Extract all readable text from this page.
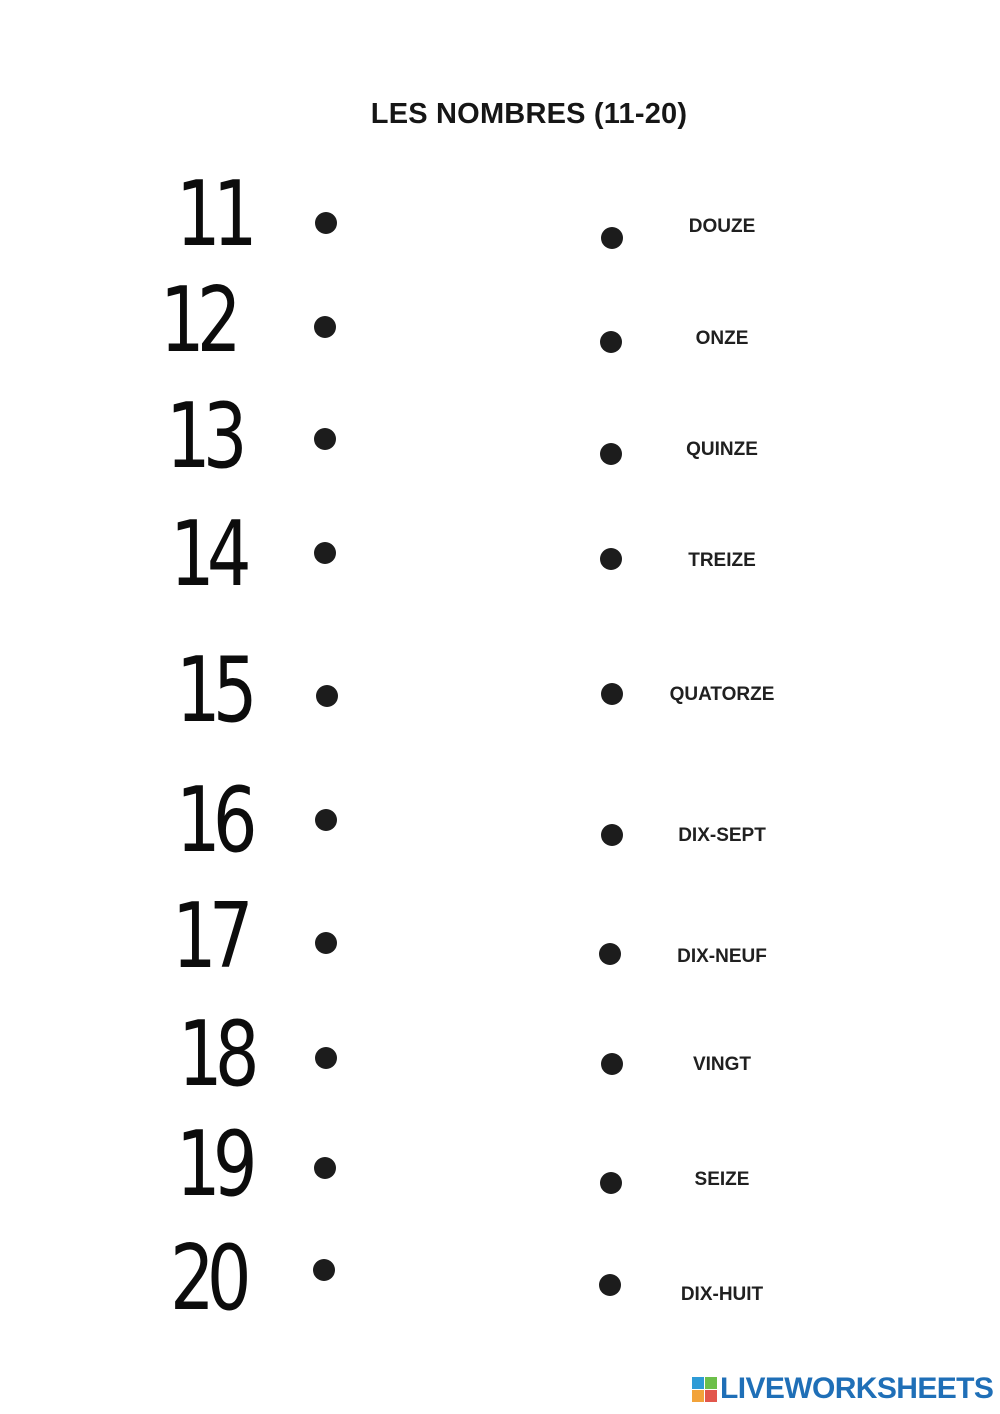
LES NOMBRES (11-20)
11
12
13
14
15
16
17
18
19
20
DOUZE
ONZE
QUINZE
TREIZE
QUATORZE
DIX-SEPT
DIX-NEUF
VINGT
SEIZE
DIX-HUIT
LIVEWORKSHEETS
